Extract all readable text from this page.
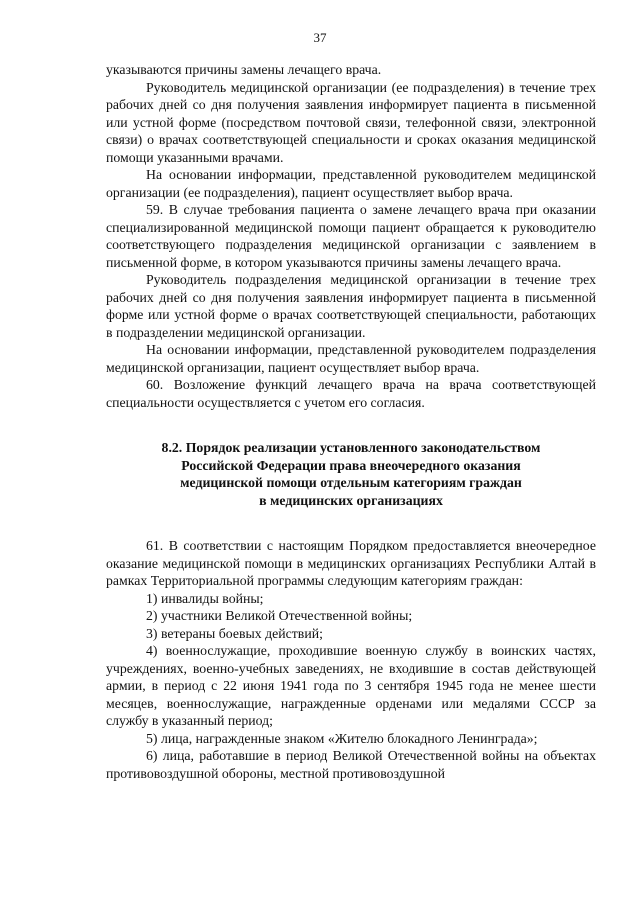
37

указываются причины замены лечащего врача.

Руководитель медицинской организации (ее подразделения) в течение трех рабочих дней со дня получения заявления информирует пациента в письменной или устной форме (посредством почтовой связи, телефонной связи, электронной связи) о врачах соответствующей специальности и сроках оказания медицинской помощи указанными врачами.

На основании информации, представленной руководителем медицинской организации (ее подразделения), пациент осуществляет выбор врача.

59. В случае требования пациента о замене лечащего врача при оказании специализированной медицинской помощи пациент обращается к руководителю соответствующего подразделения медицинской организации с заявлением в письменной форме, в котором указываются причины замены лечащего врача.

Руководитель подразделения медицинской организации в течение трех рабочих дней со дня получения заявления информирует пациента в письменной форме или устной форме о врачах соответствующей специальности, работающих в подразделении медицинской организации.

На основании информации, представленной руководителем подразделения медицинской организации, пациент осуществляет выбор врача.

60. Возложение функций лечащего врача на врача соответствующей специальности осуществляется с учетом его согласия.

8.2. Порядок реализации установленного законодательством
Российской Федерации права внеочередного оказания
медицинской помощи отдельным категориям граждан
в медицинских организациях

61. В соответствии с настоящим Порядком предоставляется внеочередное оказание медицинской помощи в медицинских организациях Республики Алтай в рамках Территориальной программы следующим категориям граждан:

1) инвалиды войны;

2) участники Великой Отечественной войны;

3) ветераны боевых действий;

4) военнослужащие, проходившие военную службу в воинских частях, учреждениях, военно-учебных заведениях, не входившие в состав действующей армии, в период с 22 июня 1941 года по 3 сентября 1945 года не менее шести месяцев, военнослужащие, награжденные орденами или медалями СССР за службу в указанный период;

5) лица, награжденные знаком «Жителю блокадного Ленинграда»;

6) лица, работавшие в период Великой Отечественной войны на объектах противовоздушной обороны, местной противовоздушной
